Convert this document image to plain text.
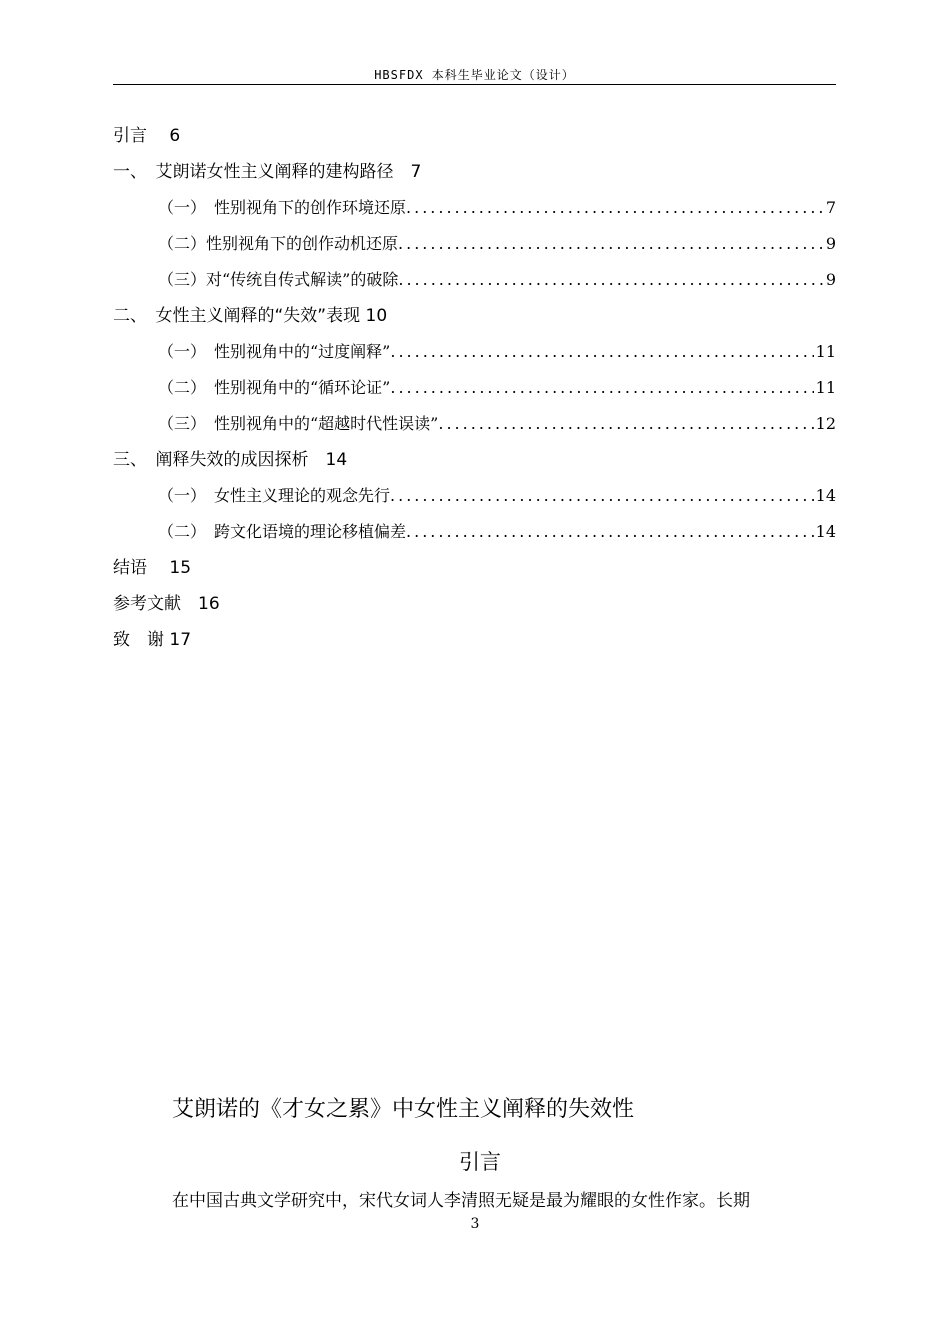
HBSFDX 本科生毕业论文（设计）
引言　 6
一、　艾朗诺女性主义阐释的建构路径　7
（一）　性别视角下的创作环境还原 .....	7
（二）性别视角下的创作动机还原 .....	9
（三）对“传统自传式解读”的破除 .....	9
二、　女性主义阐释的“失效”表现 10
（一）　性别视角中的“过度阐释” .....	11
（二）　性别视角中的“循环论证” .....	11
（三）　性别视角中的“超越时代性误读” .....	12
三、　阐释失效的成因探析　14
（一）　女性主义理论的观念先行 .....	14
（二）　跨文化语境的理论移植偏差 .....	14
结语　 15
参考文献　16
致　谢 17
艾朗诺的《才女之累》中女性主义阐释的失效性
引言
在中国古典文学研究中，宋代女词人李清照无疑是最为耀眼的女性作家。长期
3
